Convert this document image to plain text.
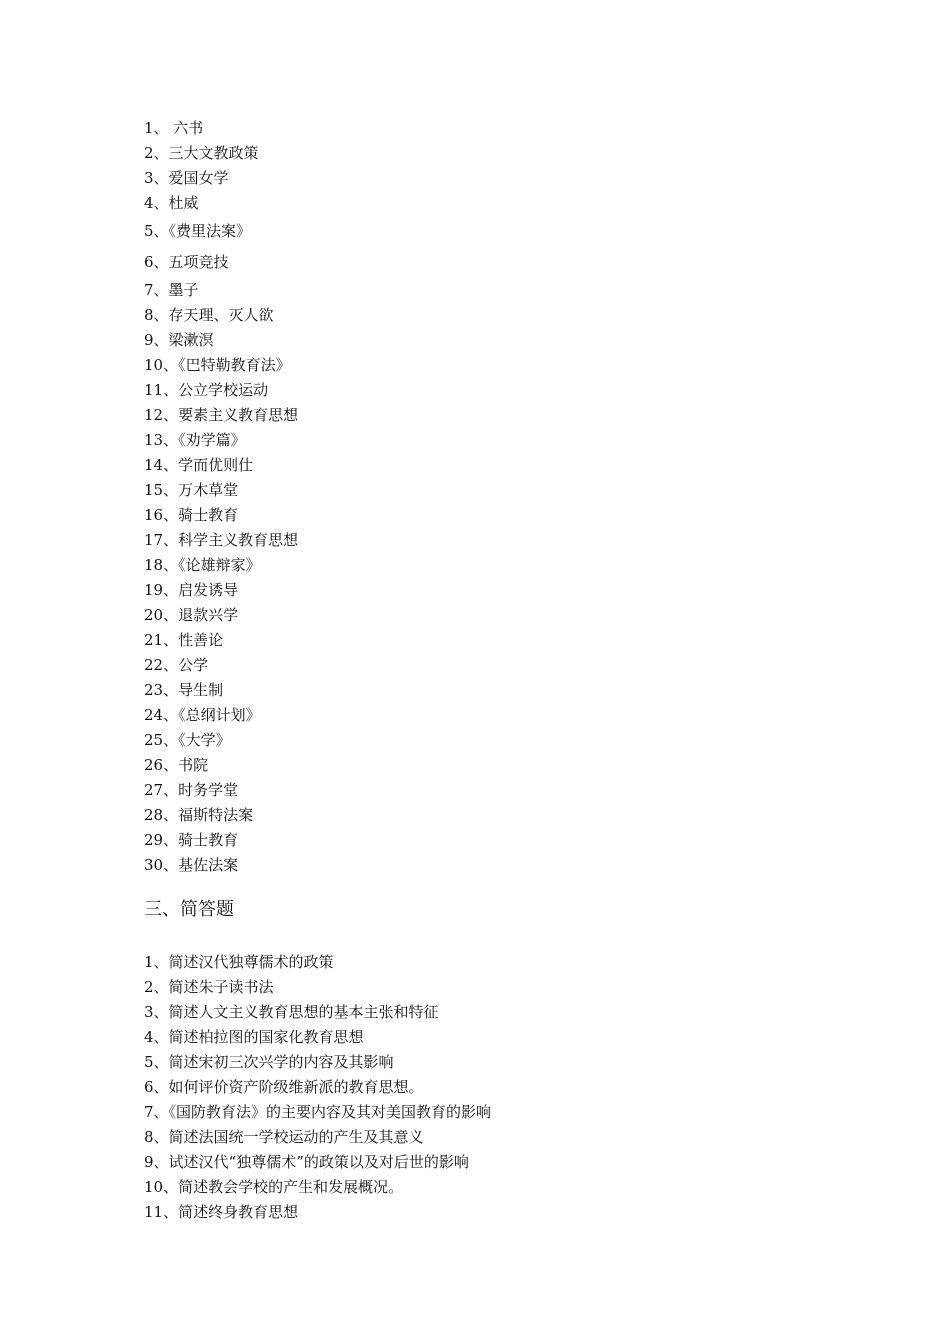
1、 六书
2、三大文教政策
3、爱国女学
4、杜威
5、《费里法案》
6、五项竞技
7、墨子
8、存天理、灭人欲
9、梁漱溟
10、《巴特勒教育法》
11、公立学校运动
12、要素主义教育思想
13、《劝学篇》
14、学而优则仕
15、万木草堂
16、骑士教育
17、科学主义教育思想
18、《论雄辩家》
19、启发诱导
20、退款兴学
21、性善论
22、公学
23、导生制
24、《总纲计划》
25、《大学》
26、书院
27、时务学堂
28、福斯特法案
29、骑士教育
30、基佐法案
三、简答题
1、简述汉代独尊儒术的政策
2、简述朱子读书法
3、简述人文主义教育思想的基本主张和特征
4、简述柏拉图的国家化教育思想
5、简述宋初三次兴学的内容及其影响
6、如何评价资产阶级维新派的教育思想。
7、《国防教育法》的主要内容及其对美国教育的影响
8、简述法国统一学校运动的产生及其意义
9、试述汉代“独尊儒术”的政策以及对后世的影响
10、简述教会学校的产生和发展概况。
11、简述终身教育思想
